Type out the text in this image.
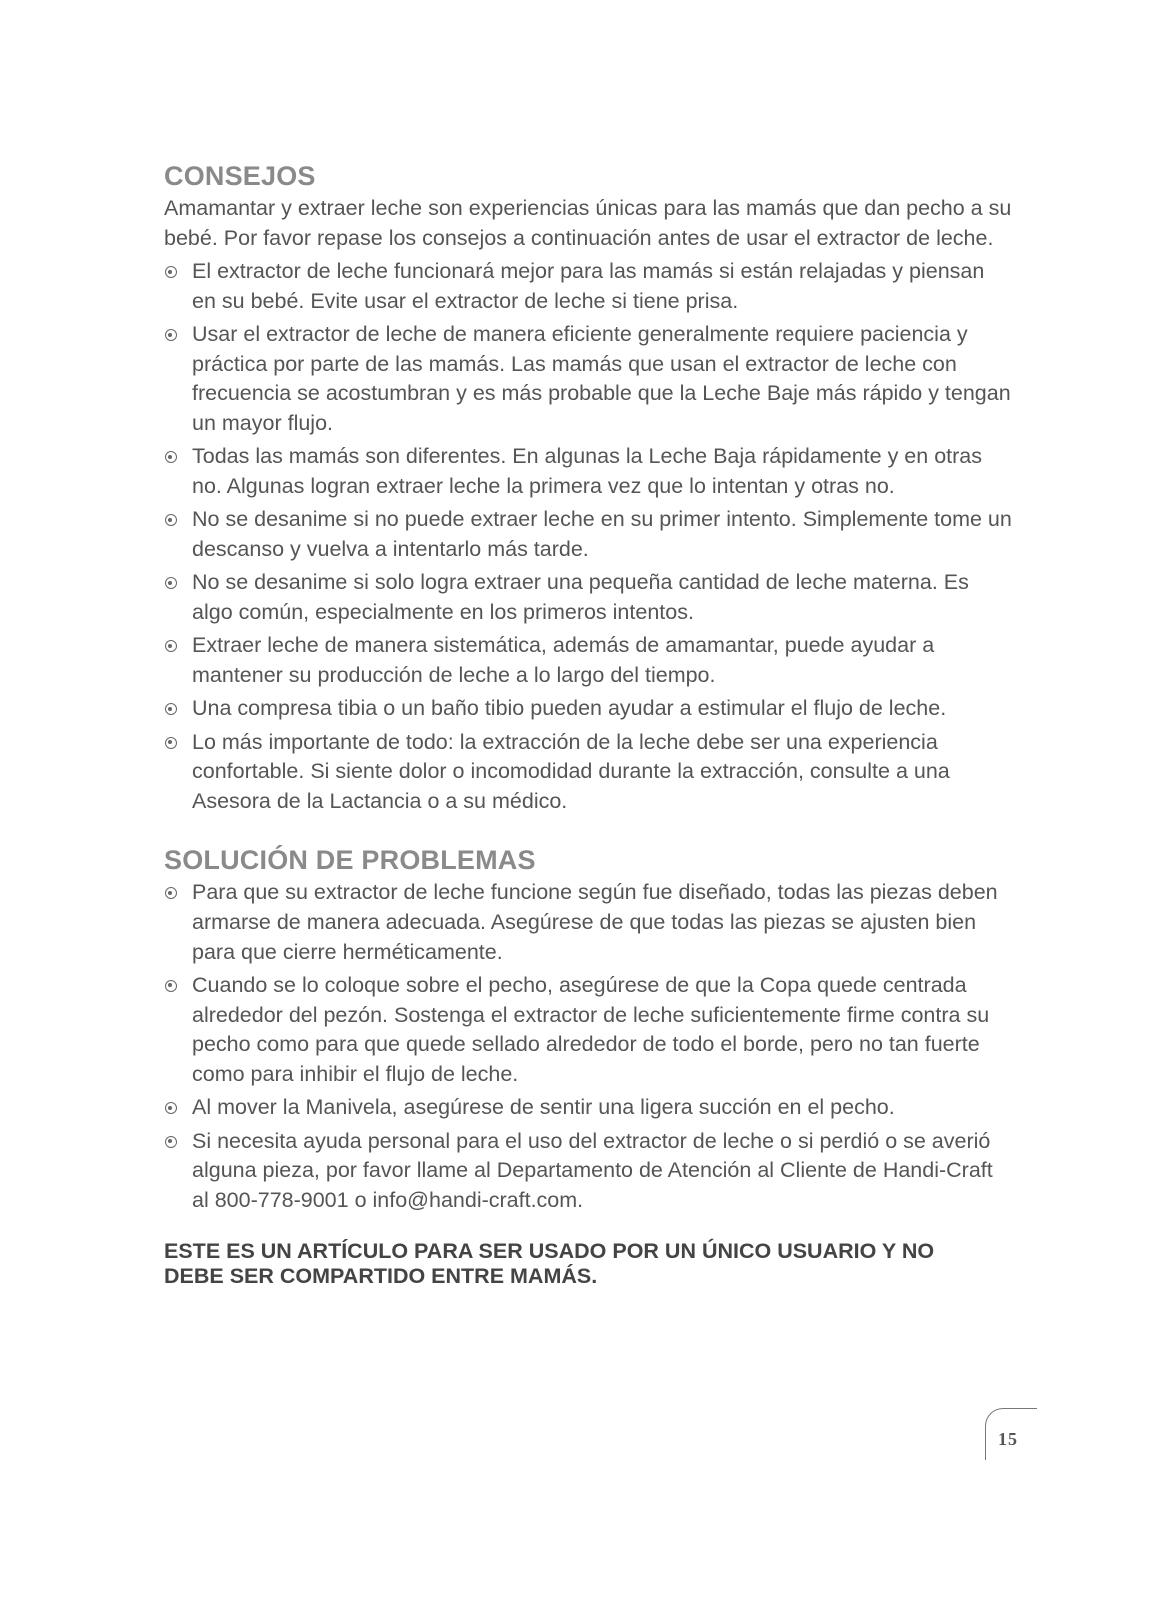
CONSEJOS

Amamantar y extraer leche son experiencias únicas para las mamás que dan pecho a su bebé. Por favor repase los consejos a continuación antes de usar el extractor de leche.

El extractor de leche funcionará mejor para las mamás si están relajadas y piensan en su bebé. Evite usar el extractor de leche si tiene prisa.
Usar el extractor de leche de manera eficiente generalmente requiere paciencia y práctica por parte de las mamás. Las mamás que usan el extractor de leche con frecuencia se acostumbran y es más probable que la Leche Baje más rápido y tengan un mayor flujo.
Todas las mamás son diferentes. En algunas la Leche Baja rápidamente y en otras no. Algunas logran extraer leche la primera vez que lo intentan y otras no.
No se desanime si no puede extraer leche en su primer intento. Simplemente tome un descanso y vuelva a intentarlo más tarde.
No se desanime si solo logra extraer una pequeña cantidad de leche materna. Es algo común, especialmente en los primeros intentos.
Extraer leche de manera sistemática, además de amamantar, puede ayudar a mantener su producción de leche a lo largo del tiempo.
Una compresa tibia o un baño tibio pueden ayudar a estimular el flujo de leche.
Lo más importante de todo: la extracción de la leche debe ser una experiencia confortable. Si siente dolor o incomodidad durante la extracción, consulte a una Asesora de la Lactancia o a su médico.
SOLUCIÓN DE PROBLEMAS
Para que su extractor de leche funcione según fue diseñado, todas las piezas deben armarse de manera adecuada. Asegúrese de que todas las piezas se ajusten bien para que cierre herméticamente.
Cuando se lo coloque sobre el pecho, asegúrese de que la Copa quede centrada alrededor del pezón. Sostenga el extractor de leche suficientemente firme contra su pecho como para que quede sellado alrededor de todo el borde, pero no tan fuerte como para inhibir el flujo de leche.
Al mover la Manivela, asegúrese de sentir una ligera succión en el pecho.
Si necesita ayuda personal para el uso del extractor de leche o si perdió o se averió alguna pieza, por favor llame al Departamento de Atención al Cliente de Handi-Craft al 800-778-9001 o info@handi-craft.com.
ESTE ES UN ARTÍCULO PARA SER USADO POR UN ÚNICO USUARIO Y NO DEBE SER COMPARTIDO ENTRE MAMÁS.
15
